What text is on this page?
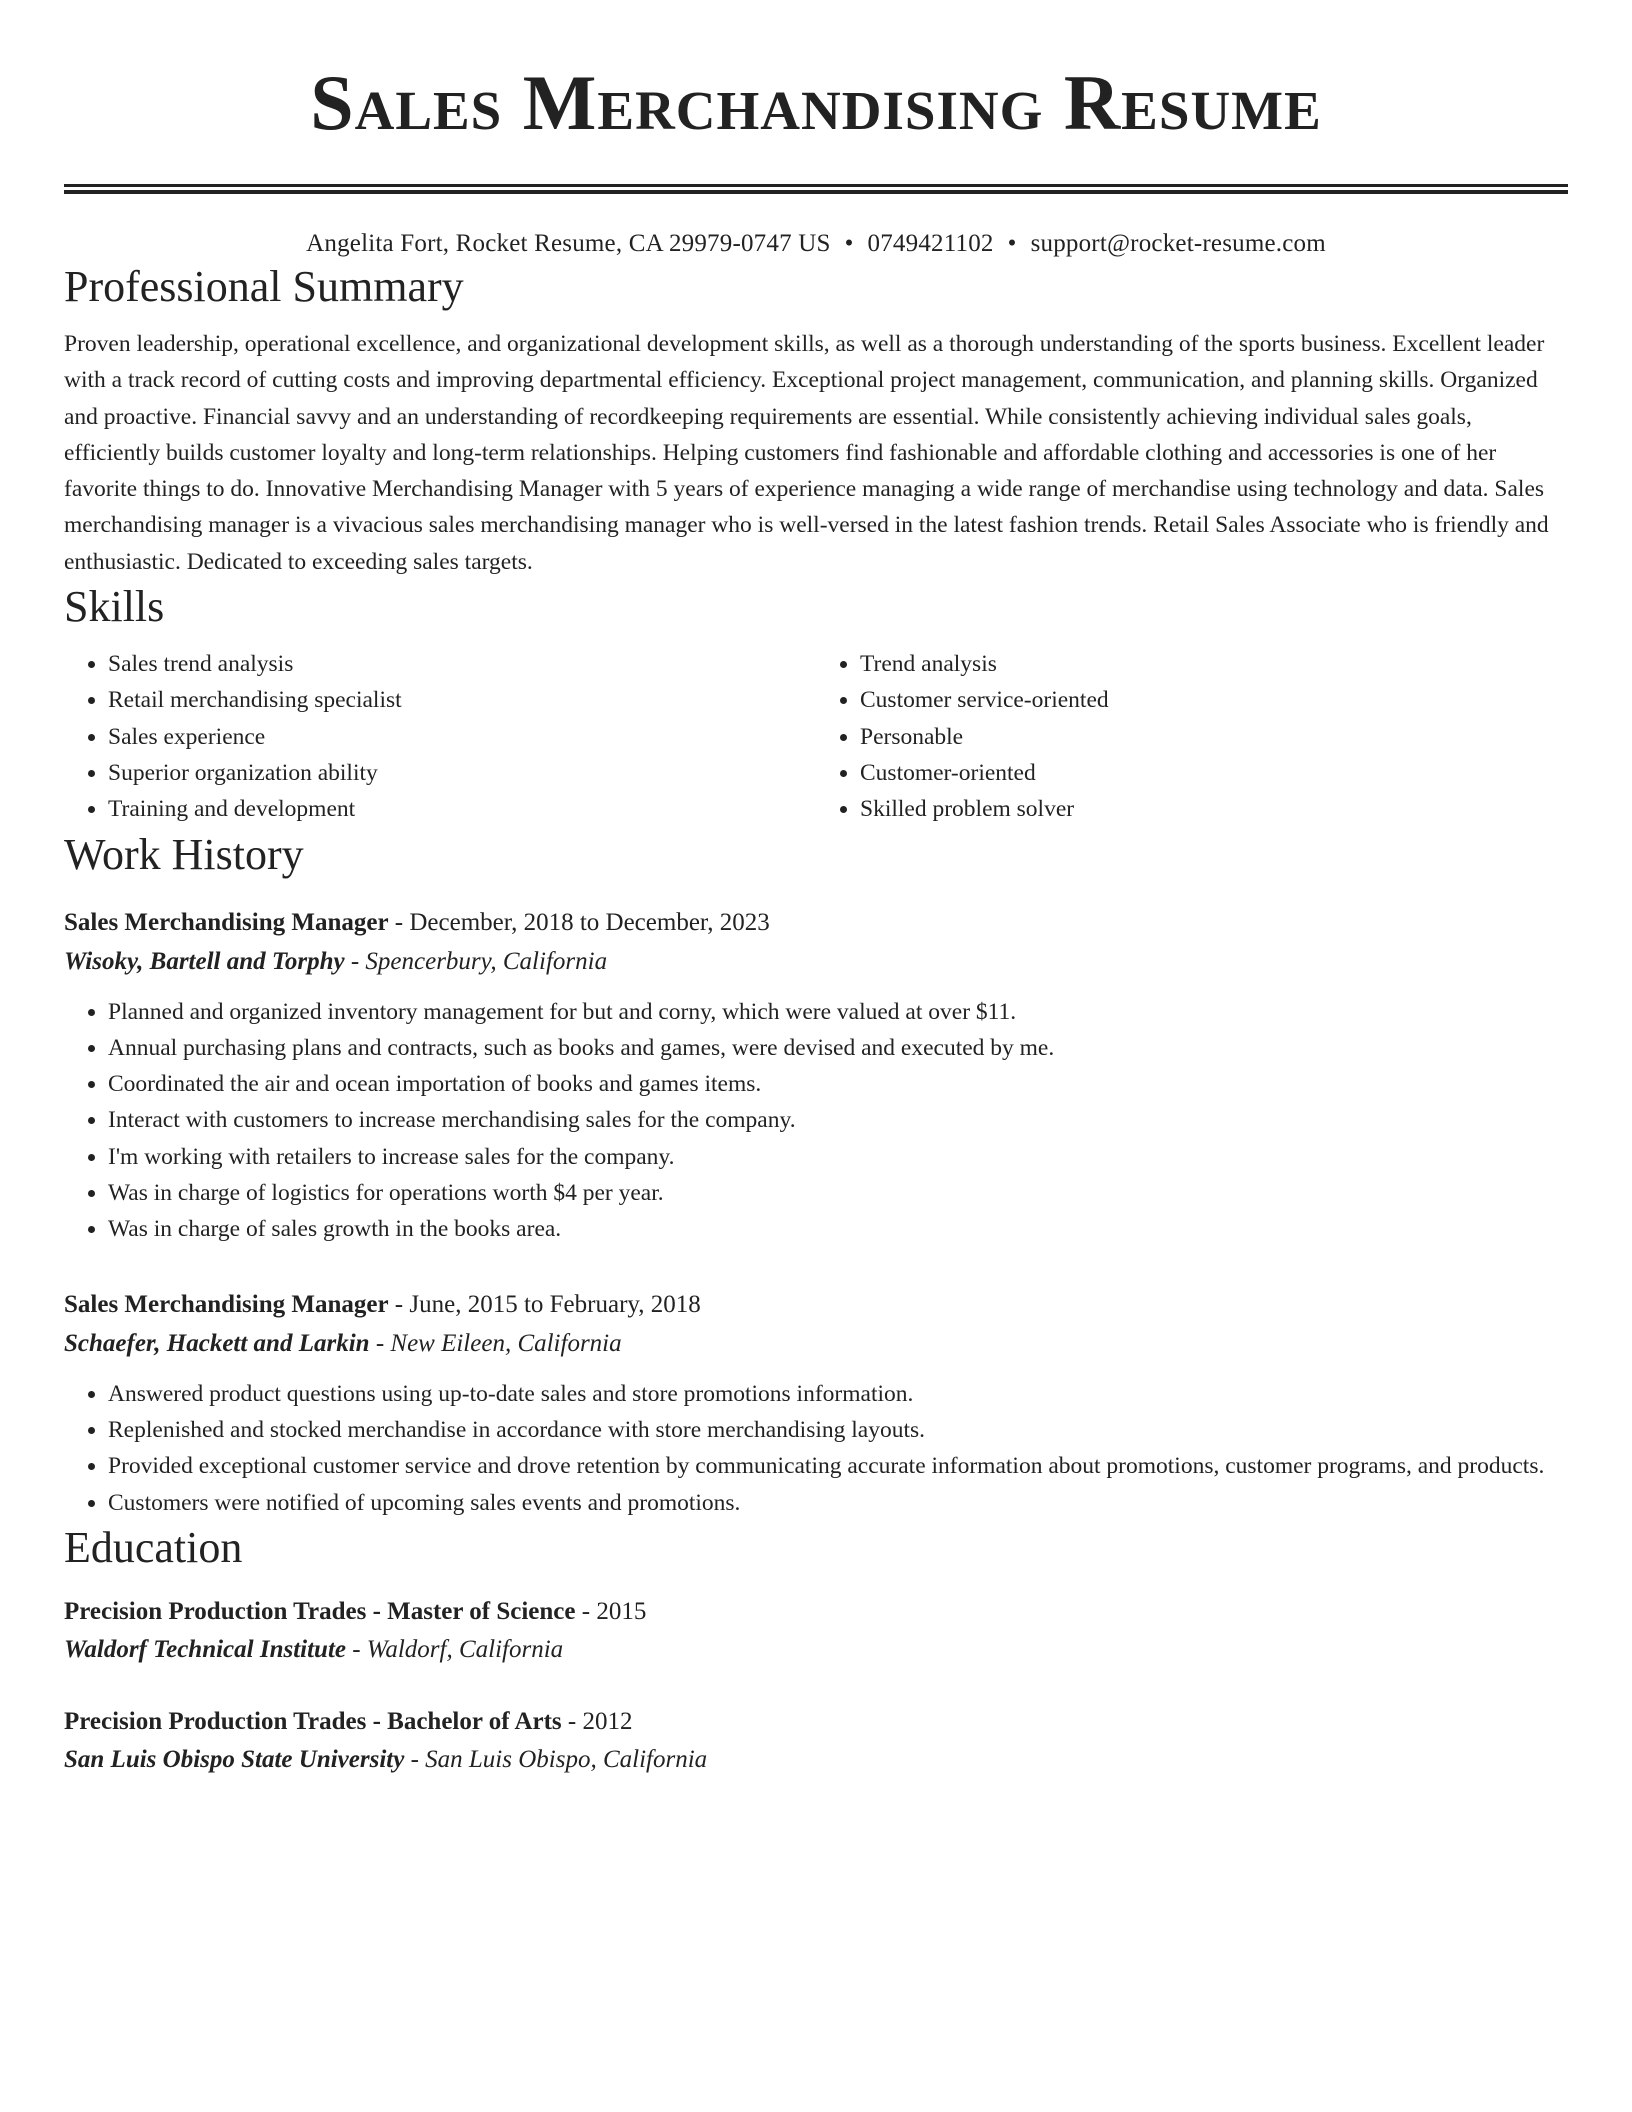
Sales Merchandising Resume
Angelita Fort, Rocket Resume, CA 29979-0747 US • 0749421102 • support@rocket-resume.com
Professional Summary

Proven leadership, operational excellence, and organizational development skills, as well as a thorough understanding of the sports business. Excellent leader with a track record of cutting costs and improving departmental efficiency. Exceptional project management, communication, and planning skills. Organized and proactive. Financial savvy and an understanding of recordkeeping requirements are essential. While consistently achieving individual sales goals, efficiently builds customer loyalty and long-term relationships. Helping customers find fashionable and affordable clothing and accessories is one of her favorite things to do. Innovative Merchandising Manager with 5 years of experience managing a wide range of merchandise using technology and data. Sales merchandising manager is a vivacious sales merchandising manager who is well-versed in the latest fashion trends. Retail Sales Associate who is friendly and enthusiastic. Dedicated to exceeding sales targets.

Skills
• Sales trend analysis
• Retail merchandising specialist
• Sales experience
• Superior organization ability
• Training and development
• Trend analysis
• Customer service-oriented
• Personable
• Customer-oriented
• Skilled problem solver
Work History
Sales Merchandising Manager - December, 2018 to December, 2023
Wisoky, Bartell and Torphy - Spencerbury, California
• Planned and organized inventory management for but and corny, which were valued at over $11.
• Annual purchasing plans and contracts, such as books and games, were devised and executed by me.
• Coordinated the air and ocean importation of books and games items.
• Interact with customers to increase merchandising sales for the company.
• I'm working with retailers to increase sales for the company.
• Was in charge of logistics for operations worth $4 per year.
• Was in charge of sales growth in the books area.
Sales Merchandising Manager - June, 2015 to February, 2018
Schaefer, Hackett and Larkin - New Eileen, California
• Answered product questions using up-to-date sales and store promotions information.
• Replenished and stocked merchandise in accordance with store merchandising layouts.
• Provided exceptional customer service and drove retention by communicating accurate information about promotions, customer programs, and products.
• Customers were notified of upcoming sales events and promotions.
Education
Precision Production Trades - Master of Science - 2015
Waldorf Technical Institute - Waldorf, California
Precision Production Trades - Bachelor of Arts - 2012
San Luis Obispo State University - San Luis Obispo, California
